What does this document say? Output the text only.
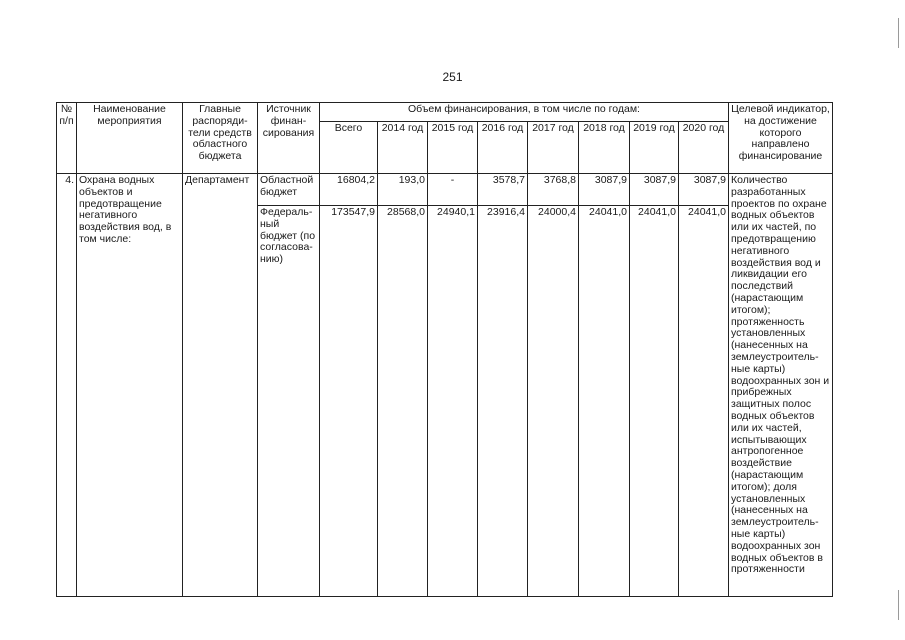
251
№ п/п	Наименование мероприятия	Главные распоряди-тели средств областного бюджета	Источник финан-сирования	Объем финансирования, в том числе по годам:								Целевой индикатор, на достижение которого направлено финансирование
				Всего	2014 год	2015 год	2016 год	2017 год	2018 год	2019 год	2020 год	
4.	Охрана водных объектов и предотвращение негативного воздействия вод, в том числе:	Департамент	Областной бюджет	16804,2	193,0	-	3578,7	3768,8	3087,9	3087,9	3087,9	Количество разработанных проектов по охране водных объектов или их частей, по предотвращению негативного воздействия вод и ликвидации его последствий (нарастающим итогом); протяженность установленных (нанесенных на землеустроитель-ные карты) водоохранных зон и прибрежных защитных полос водных объектов или их частей, испытывающих антропогенное воздействие (нарастающим итогом); доля установленных (нанесенных на землеустроитель-ные карты) водоохранных зон водных объектов в протяженности
			Федераль-ный бюджет (по согласова-нию)	173547,9	28568,0	24940,1	23916,4	24000,4	24041,0	24041,0	24041,0	
